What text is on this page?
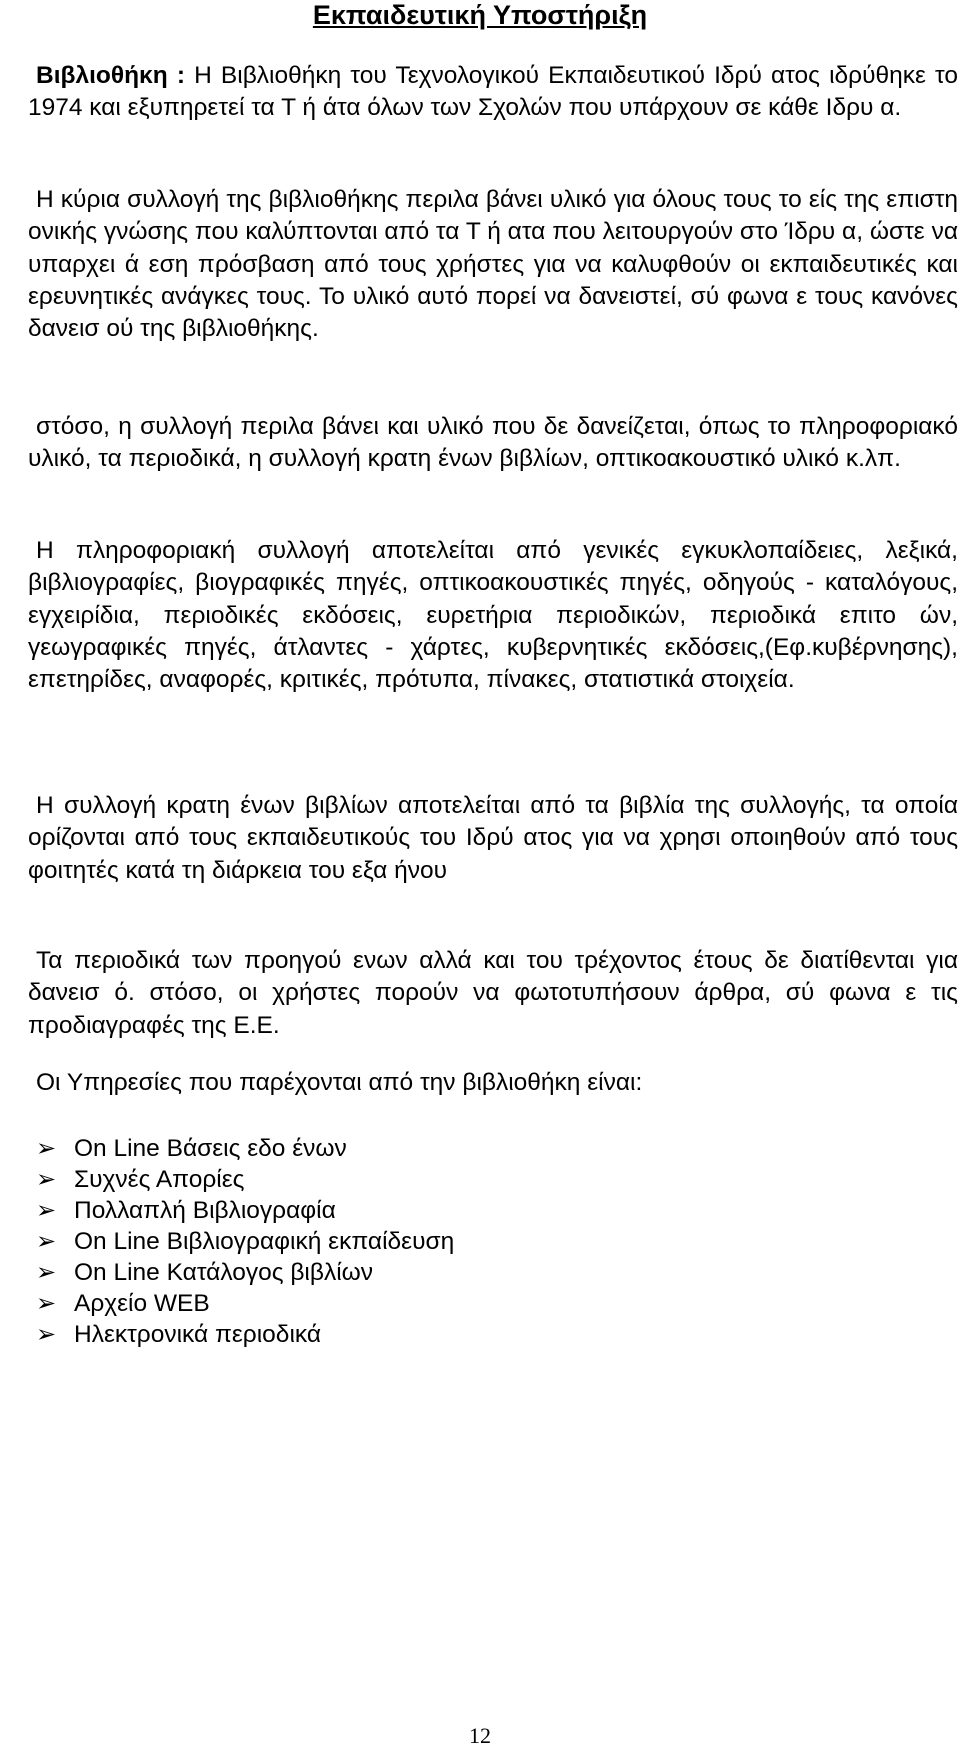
Εκπαιδευτική Υποστήριξη

Βιβλιοθήκη : Η Βιβλιοθήκη του Τεχνολογικού Εκπαιδευτικού Ιδρύ ατος ιδρύθηκε το 1974 και εξυπηρετεί τα Τ ή άτα όλων των Σχολών που υπάρχουν σε κάθε Ιδρυ α.

Η κύρια συλλογή της βιβλιοθήκης περιλα βάνει υλικό για όλους τους το είς της επιστη ονικής γνώσης που καλύπτονται από τα Τ ή ατα που λειτουργούν στο Ίδρυ α, ώστε να υπαρχει ά εση πρόσβαση από τους χρήστες για να καλυφθούν οι εκπαιδευτικές και ερευνητικές ανάγκες τους. Το υλικό αυτό πορεί να δανειστεί, σύ φωνα ε τους κανόνες δανεισ ού της βιβλιοθήκης.

στόσο, η συλλογή περιλα βάνει και υλικό που δε δανείζεται, όπως το πληροφοριακό υλικό, τα περιοδικά, η συλλογή κρατη ένων βιβλίων, οπτικοακουστικό υλικό κ.λπ.

Η πληροφοριακή συλλογή αποτελείται από γενικές εγκυκλοπαίδειες, λεξικά, βιβλιογραφίες, βιογραφικές πηγές, οπτικοακουστικές πηγές, οδηγούς - καταλόγους, εγχειρίδια, περιοδικές εκδόσεις, ευρετήρια περιοδικών, περιοδικά επιτο ών, γεωγραφικές πηγές, άτλαντες - χάρτες, κυβερνητικές εκδόσεις,(Εφ.κυβέρνησης), επετηρίδες, αναφορές, κριτικές, πρότυπα, πίνακες, στατιστικά στοιχεία.

Η συλλογή κρατη ένων βιβλίων αποτελείται από τα βιβλία της συλλογής, τα οποία ορίζονται από τους εκπαιδευτικούς του Ιδρύ ατος για να χρησι οποιηθούν από τους φοιτητές κατά τη διάρκεια του εξα ήνου

Τα περιοδικά των προηγού ενων αλλά και του τρέχοντος έτους δε διατίθενται για δανεισ ό. στόσο, οι χρήστες πορούν να φωτοτυπήσουν άρθρα, σύ φωνα ε τις προδιαγραφές της Ε.Ε.

Οι Υπηρεσίες που παρέχονται από την βιβλιοθήκη είναι:

➢ On Line Βάσεις εδο ένων
➢ Συχνές Απορίες
➢ Πολλαπλή Βιβλιογραφία
➢ On Line Βιβλιογραφική εκπαίδευση
➢ On Line Κατάλογος βιβλίων
➢ Αρχείο WEB
➢ Ηλεκτρονικά περιοδικά
12
